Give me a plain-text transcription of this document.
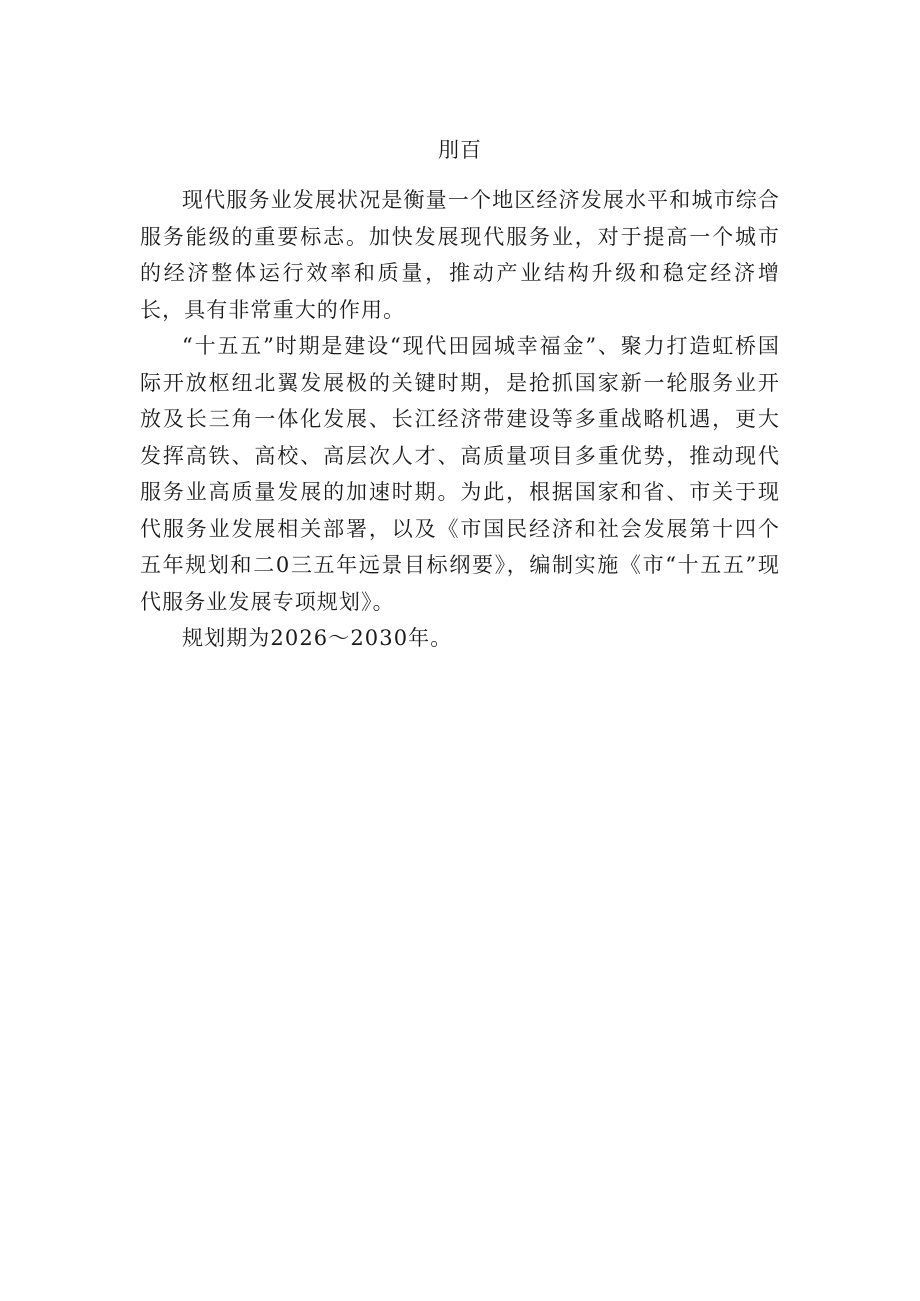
刖百

现代服务业发展状况是衡量一个地区经济发展水平和城市综合服务能级的重要标志。加快发展现代服务业，对于提高一个城市的经济整体运行效率和质量，推动产业结构升级和稳定经济增长，具有非常重大的作用。

“十五五”时期是建设“现代田园城幸福金”、聚力打造虹桥国际开放枢纽北翼发展极的关键时期，是抢抓国家新一轮服务业开放及长三角一体化发展、长江经济带建设等多重战略机遇，更大发挥高铁、高校、高层次人才、高质量项目多重优势，推动现代服务业高质量发展的加速时期。为此，根据国家和省、市关于现代服务业发展相关部署，以及《市国民经济和社会发展第十四个五年规划和二0三五年远景目标纲要》，编制实施《市“十五五”现代服务业发展专项规划》。

规划期为2026～2030年。
